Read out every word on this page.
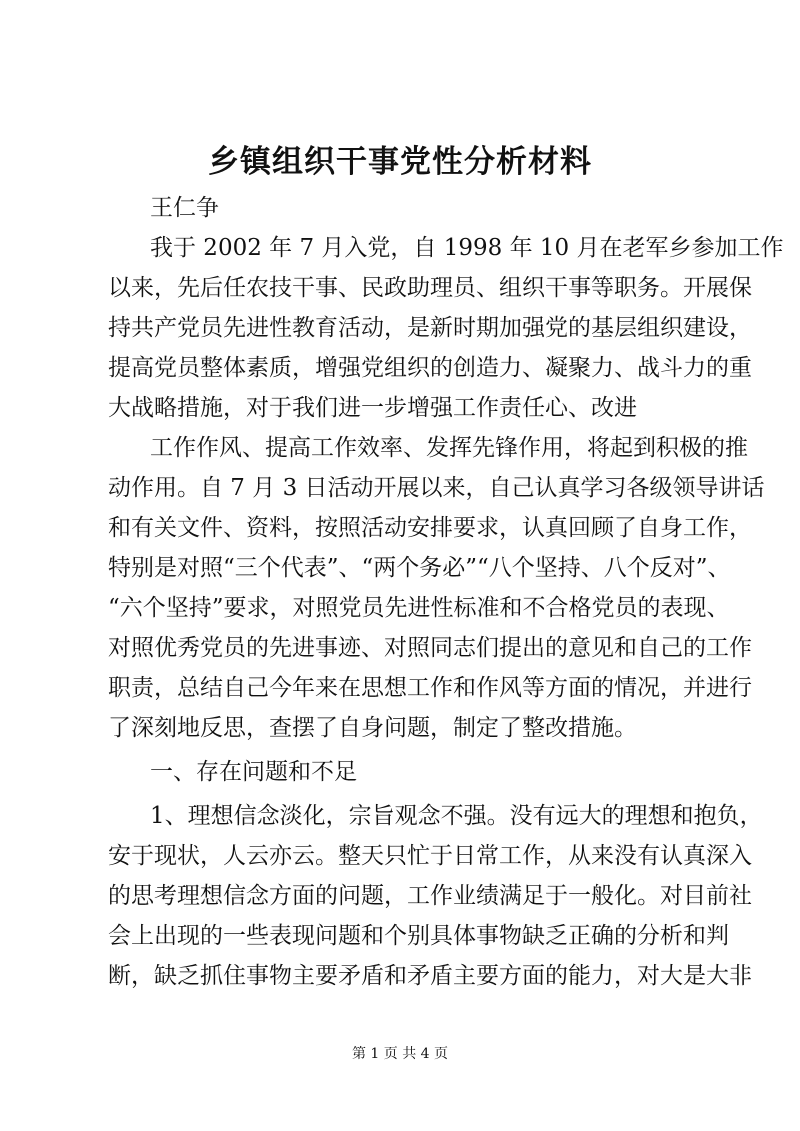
乡镇组织干事党性分析材料
王仁争
我于 2002 年 7 月入党，自 1998 年 10 月在老军乡参加工作
以来，先后任农技干事、民政助理员、组织干事等职务。开展保
持共产党员先进性教育活动，是新时期加强党的基层组织建设，
提高党员整体素质，增强党组织的创造力、凝聚力、战斗力的重
大战略措施，对于我们进一步增强工作责任心、改进
工作作风、提高工作效率、发挥先锋作用，将起到积极的推
动作用。自 7 月 3 日活动开展以来，自己认真学习各级领导讲话
和有关文件、资料，按照活动安排要求，认真回顾了自身工作，
特别是对照“三个代表”、“两个务必”“八个坚持、八个反对”、
“六个坚持”要求，对照党员先进性标准和不合格党员的表现、
对照优秀党员的先进事迹、对照同志们提出的意见和自己的工作
职责，总结自己今年来在思想工作和作风等方面的情况，并进行
了深刻地反思，查摆了自身问题，制定了整改措施。
一、存在问题和不足
1、理想信念淡化，宗旨观念不强。没有远大的理想和抱负，
安于现状，人云亦云。整天只忙于日常工作，从来没有认真深入
的思考理想信念方面的问题，工作业绩满足于一般化。对目前社
会上出现的一些表现问题和个别具体事物缺乏正确的分析和判
断，缺乏抓住事物主要矛盾和矛盾主要方面的能力，对大是大非
第 1 页 共 4 页
